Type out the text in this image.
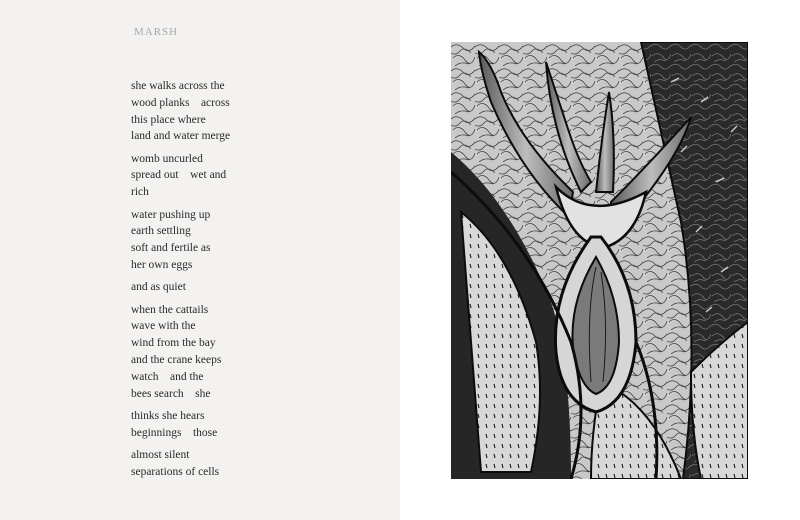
MARSH
she walks across the
wood planks    across
this place where
land and water merge
womb uncurled
spread out    wet and
rich
water pushing up
earth settling
soft and fertile as
her own eggs
and as quiet
when the cattails
wave with the
wind from the bay
and the crane keeps
watch    and the
bees search    she
thinks she hears
beginnings    those
almost silent
separations of cells
